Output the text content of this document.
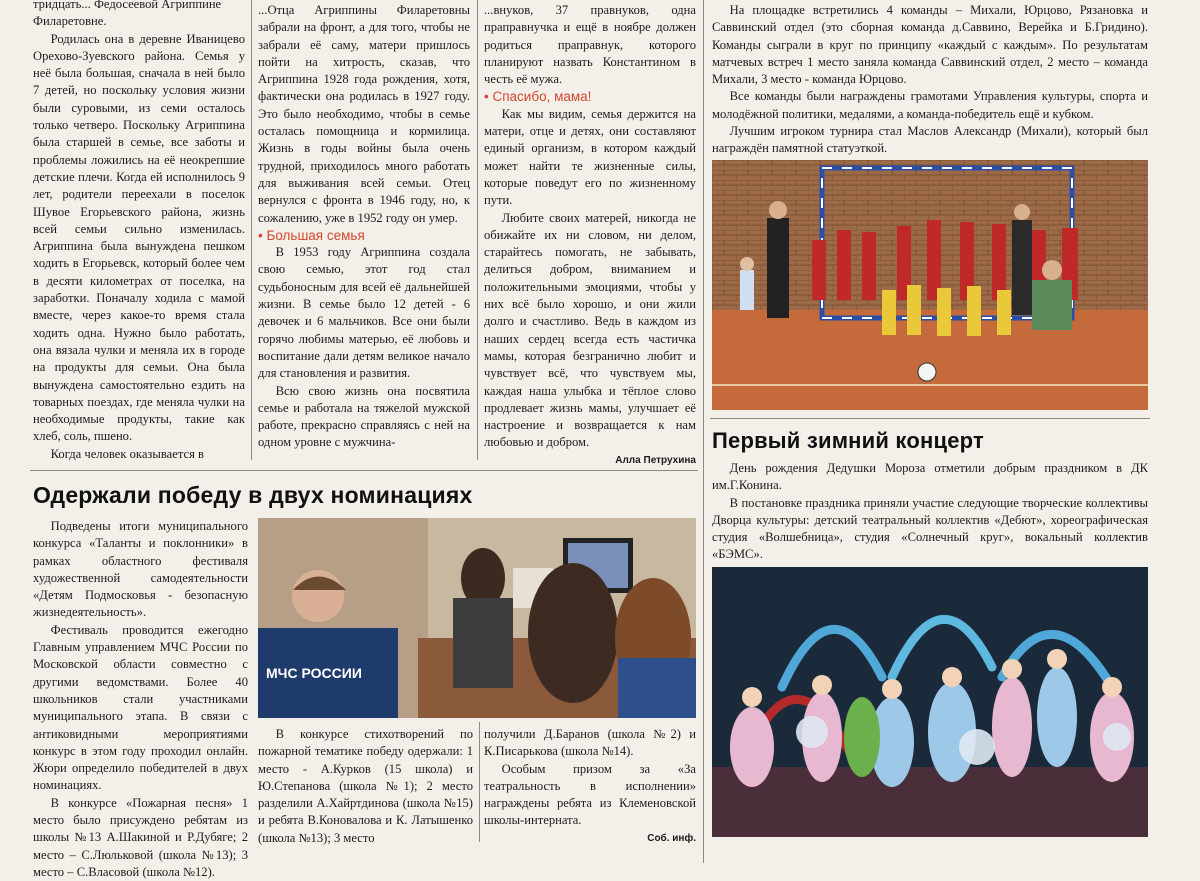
тридцать... Федосеевой Агриппине

Филаретовне.

Родилась она в деревне Иваницево Орехово-Зуевского района. Семья у неё была большая, сначала в ней было 7 детей, но поскольку условия жизни были суровыми, из семи осталось только четверо. Поскольку Агриппина была старшей в семье, все заботы и проблемы ложились на её неокрепшие детские плечи. Когда ей исполнилось 9 лет, родители переехали в поселок Шувое Егорьевского района, жизнь всей семьи сильно изменилась. Агриппина была вынуждена пешком ходить в Егорьевск, который более чем в десяти километрах от поселка, на заработки. Поначалу ходила с мамой вместе, через какое-то время стала ходить одна. Нужно было работать, она вязала чулки и меняла их в городе на продукты для семьи. Она была вынуждена самостоятельно ездить на товарных поездах, где меняла чулки на необходимые продукты, такие как хлеб, соль, пшено.

Когда человек оказывается в

...Отца Агриппины Филаретовны забрали на фронт, а для того, чтобы не забрали её саму, матери пришлось пойти на хитрость, сказав, что Агриппина 1928 года рождения, хотя, фактически она родилась в 1927 году. Это было необходимо, чтобы в семье осталась помощница и кормилица. Жизнь в годы войны была очень трудной, приходилось много работать для выживания всей семьи. Отец вернулся с фронта в 1946 году, но, к сожалению, уже в 1952 году он умер.

• Большая семья

В 1953 году Агриппина создала свою семью, этот год стал судьбоносным для всей её дальнейшей жизни. В семье было 12 детей - 6 девочек и 6 мальчиков. Все они были горячо любимы матерью, её любовь и воспитание дали детям великое начало для становления и развития.

Всю свою жизнь она посвятила семье и работала на тяжелой мужской работе, прекрасно справляясь с ней на одном уровне с мужчина-

...внуков, 37 правнуков, одна праправнучка и ещё в ноябре должен родиться праправнук, которого планируют назвать Константином в честь её мужа.

• Спасибо, мама!

Как мы видим, семья держится на матери, отце и детях, они составляют единый организм, в котором каждый может найти те жизненные силы, которые поведут его по жизненному пути.

Любите своих матерей, никогда не обижайте их ни словом, ни делом, старайтесь помогать, не забывать, делиться добром, вниманием и положительными эмоциями, чтобы у них всё было хорошо, и они жили долго и счастливо. Ведь в каждом из наших сердец всегда есть частичка мамы, которая безгранично любит и чувствует всё, что чувствуем мы, каждая наша улыбка и тёплое слово продлевает жизнь мамы, улучшает её настроение и возвращается к нам любовью и добром.

Алла Петрухина

На площадке встретились 4 команды – Михали, Юрцово, Рязановка и Саввинский отдел (это сборная команда д.Саввино, Верейка и Б.Гридино). Команды сыграли в круг по принципу «каждый с каждым». По результатам матчевых встреч 1 место заняла команда Саввинский отдел, 2 место – команда Михали, 3 место - команда Юрцово.

Все команды были награждены грамотами Управления культуры, спорта и молодёжной политики, медалями, а команда-победитель ещё и кубком.

Лучшим игроком турнира стал Маслов Александр (Михали), который был награждён памятной статуэткой.

Первый зимний концерт

День рождения Дедушки Мороза отметили добрым праздником в ДК им.Г.Конина.

В постановке праздника приняли участие следующие творческие коллективы Дворца культуры: детский театральный коллектив «Дебют», хореографическая студия «Волшебница», студия «Солнечный круг», вокальный коллектив «БЭМС».

Одержали победу в двух номинациях

Подведены итоги муниципального конкурса «Таланты и поклонники» в рамках областного фестиваля художественной самодеятельности «Детям Подмосковья - безопасную жизнедеятельность».

Фестиваль проводится ежегодно Главным управлением МЧС России по Московской области совместно с другими ведомствами. Более 40 школьников стали участниками муниципального этапа. В связи с антиковидными мероприятиями конкурс в этом году проходил онлайн. Жюри определило победителей в двух номинациях.

В конкурсе «Пожарная песня» 1 место было присуждено ребятам из школы №13 А.Шакиной и Р.Дубяге; 2 место – С.Люльковой (школа №13); 3 место – С.Власовой (школа №12).

МЧС РОССИИ

В конкурсе стихотворений по пожарной тематике победу одержали: 1 место - А.Курков (15 школа) и Ю.Степанова (школа №1); 2 место разделили А.Хайртдинова (школа №15) и ребята В.Коновалова и К. Латышенко (школа №13); 3 место

получили Д.Баранов (школа №2) и К.Писарькова (школа №14).

Особым призом за «За театральность в исполнении» награждены ребята из Клеменовской школы-интерната.

Соб. инф.
